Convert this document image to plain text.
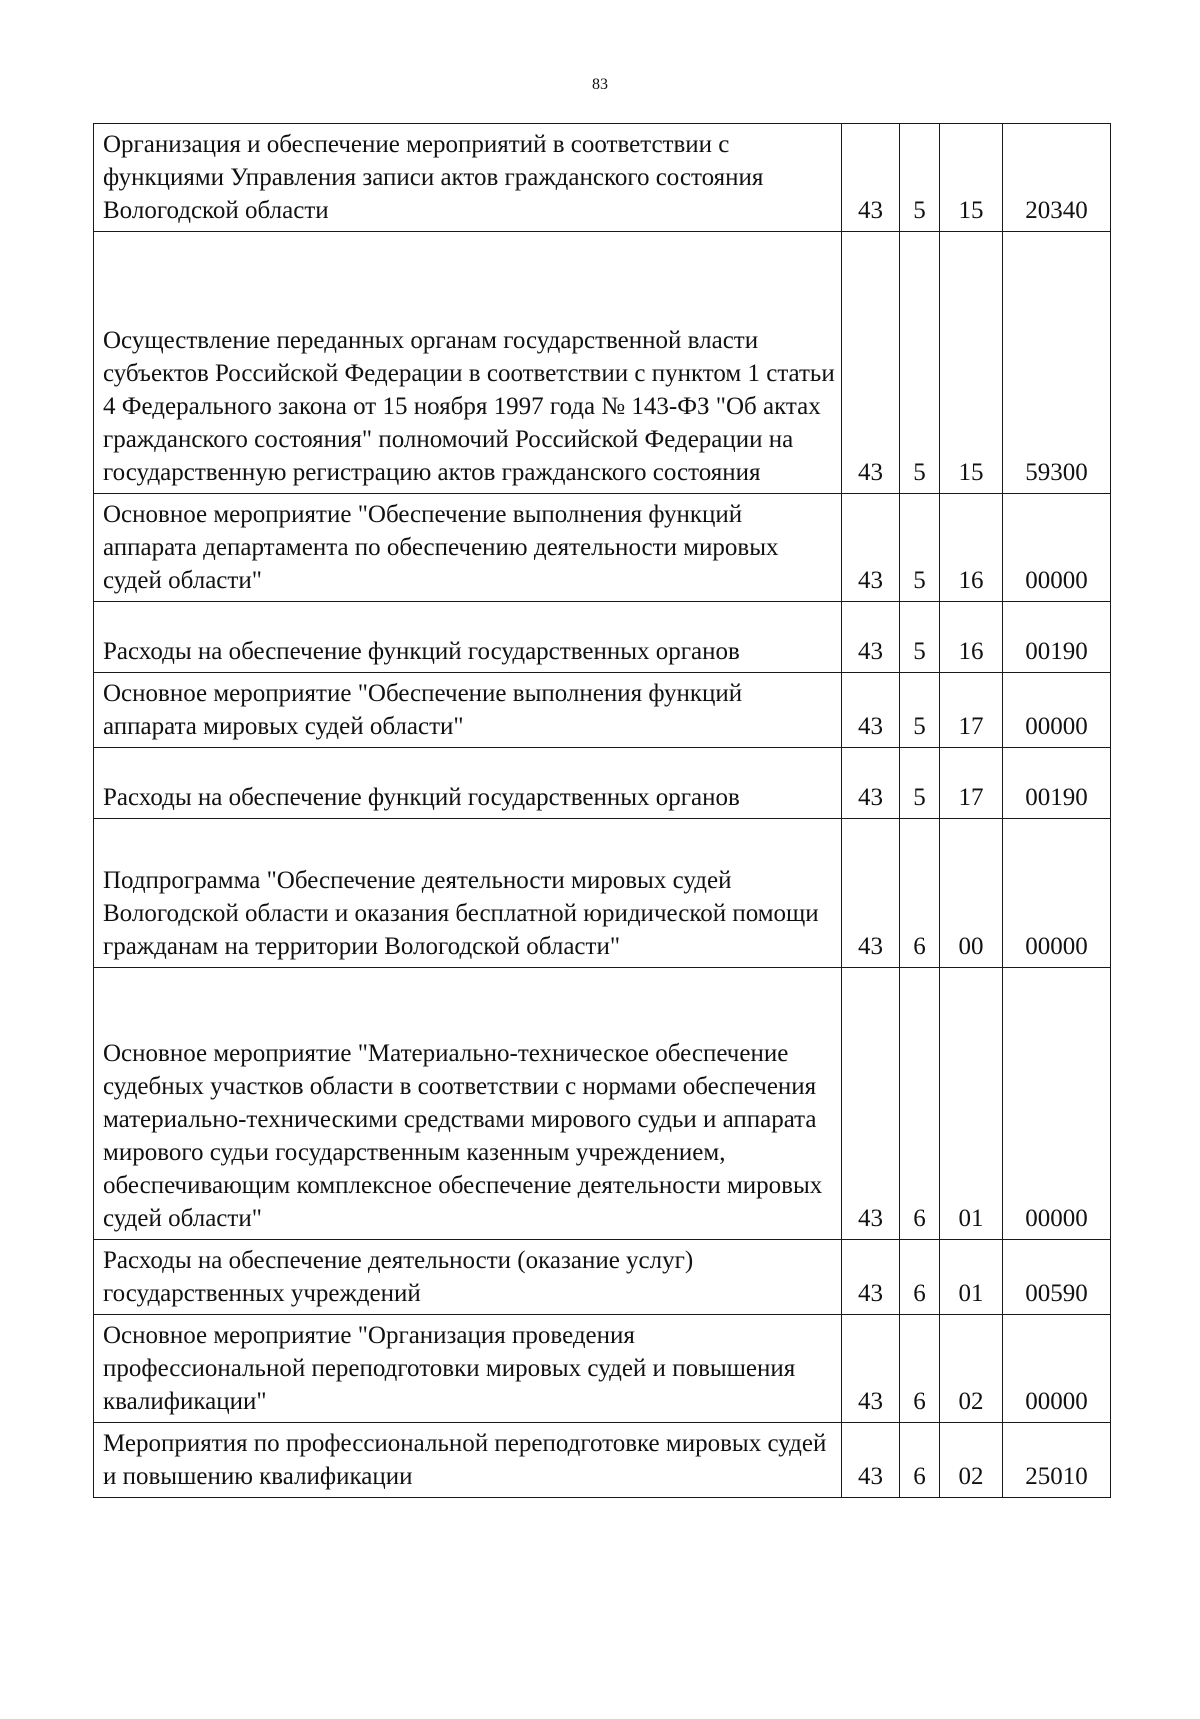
83
Организация и обеспечение мероприятий в соответствии с функциями Управления записи актов гражданского состояния Вологодской области	43	5	15	20340
Осуществление переданных органам государственной власти субъектов Российской Федерации в соответствии с пунктом 1 статьи 4 Федерального закона от 15 ноября 1997 года № 143-ФЗ "Об актах гражданского состояния" полномочий Российской Федерации на государственную регистрацию актов гражданского состояния	43	5	15	59300
Основное мероприятие "Обеспечение выполнения функций аппарата департамента по обеспечению деятельности мировых судей области"	43	5	16	00000
Расходы на обеспечение функций государственных органов	43	5	16	00190
Основное мероприятие "Обеспечение выполнения функций аппарата мировых судей области"	43	5	17	00000
Расходы на обеспечение функций государственных органов	43	5	17	00190
Подпрограмма "Обеспечение деятельности мировых судей Вологодской области и оказания бесплатной юридической помощи гражданам на территории Вологодской области"	43	6	00	00000
Основное мероприятие "Материально-техническое обеспечение судебных участков области в соответствии с нормами обеспечения материально-техническими средствами мирового судьи и аппарата мирового судьи государственным казенным учреждением, обеспечивающим комплексное обеспечение деятельности мировых судей области"	43	6	01	00000
Расходы на обеспечение деятельности (оказание услуг) государственных учреждений	43	6	01	00590
Основное мероприятие "Организация проведения профессиональной переподготовки мировых судей и повышения квалификации"	43	6	02	00000
Мероприятия по профессиональной переподготовке мировых судей и повышению квалификации	43	6	02	25010
